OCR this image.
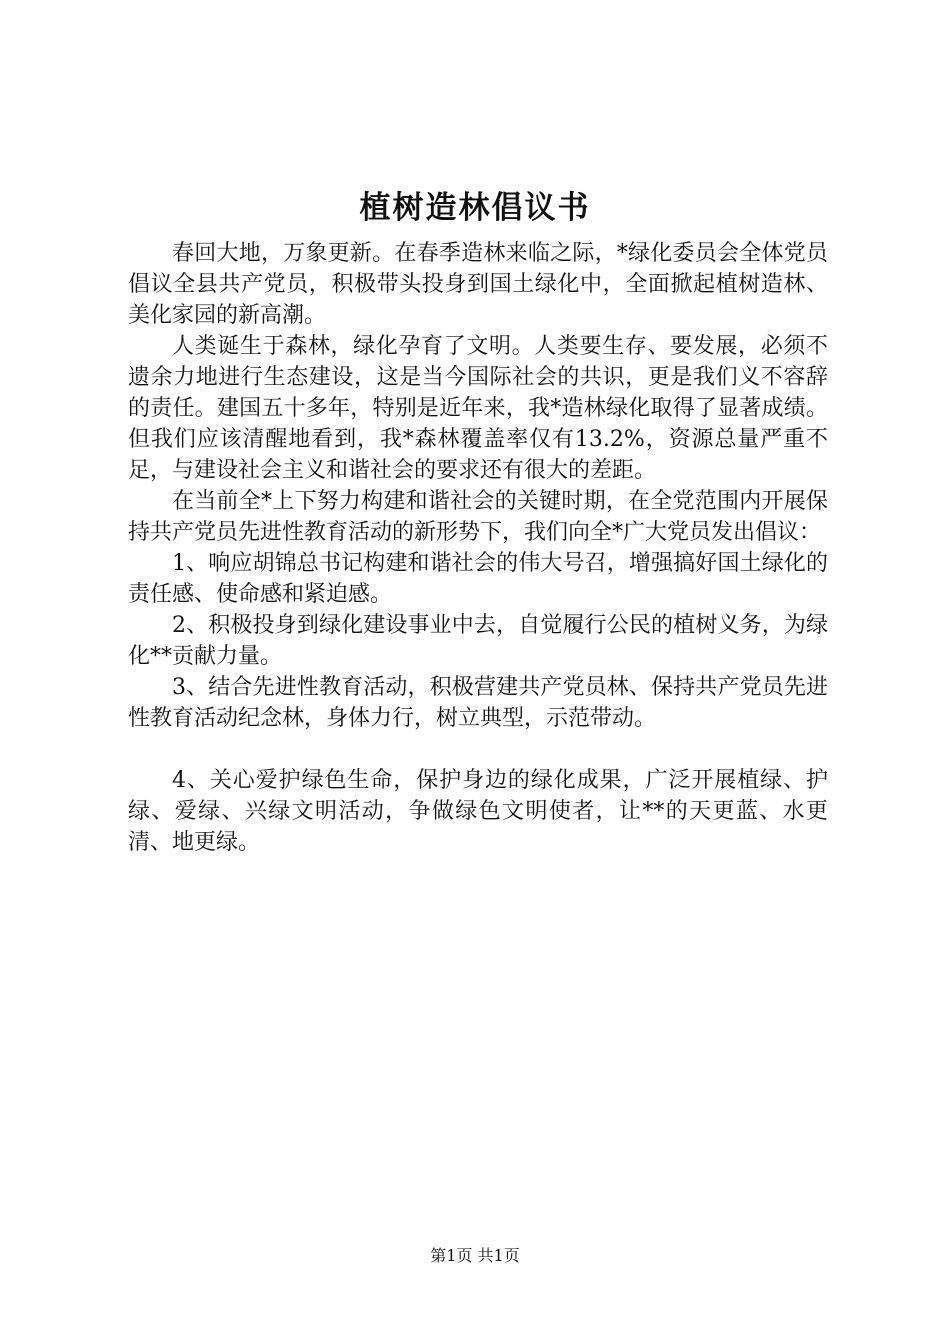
植树造林倡议书

春回大地，万象更新。在春季造林来临之际，*绿化委员会全体党员倡议全县共产党员，积极带头投身到国土绿化中，全面掀起植树造林、美化家园的新高潮。

人类诞生于森林，绿化孕育了文明。人类要生存、要发展，必须不遗余力地进行生态建设，这是当今国际社会的共识，更是我们义不容辞的责任。建国五十多年，特别是近年来，我*造林绿化取得了显著成绩。但我们应该清醒地看到，我*森林覆盖率仅有13.2%，资源总量严重不足，与建设社会主义和谐社会的要求还有很大的差距。

在当前全*上下努力构建和谐社会的关键时期，在全党范围内开展保持共产党员先进性教育活动的新形势下，我们向全*广大党员发出倡议：

1、响应胡锦总书记构建和谐社会的伟大号召，增强搞好国土绿化的责任感、使命感和紧迫感。

2、积极投身到绿化建设事业中去，自觉履行公民的植树义务，为绿化**贡献力量。

3、结合先进性教育活动，积极营建共产党员林、保持共产党员先进性教育活动纪念林，身体力行，树立典型，示范带动。

4、关心爱护绿色生命，保护身边的绿化成果，广泛开展植绿、护绿、爱绿、兴绿文明活动，争做绿色文明使者，让**的天更蓝、水更清、地更绿。

第1页 共1页
